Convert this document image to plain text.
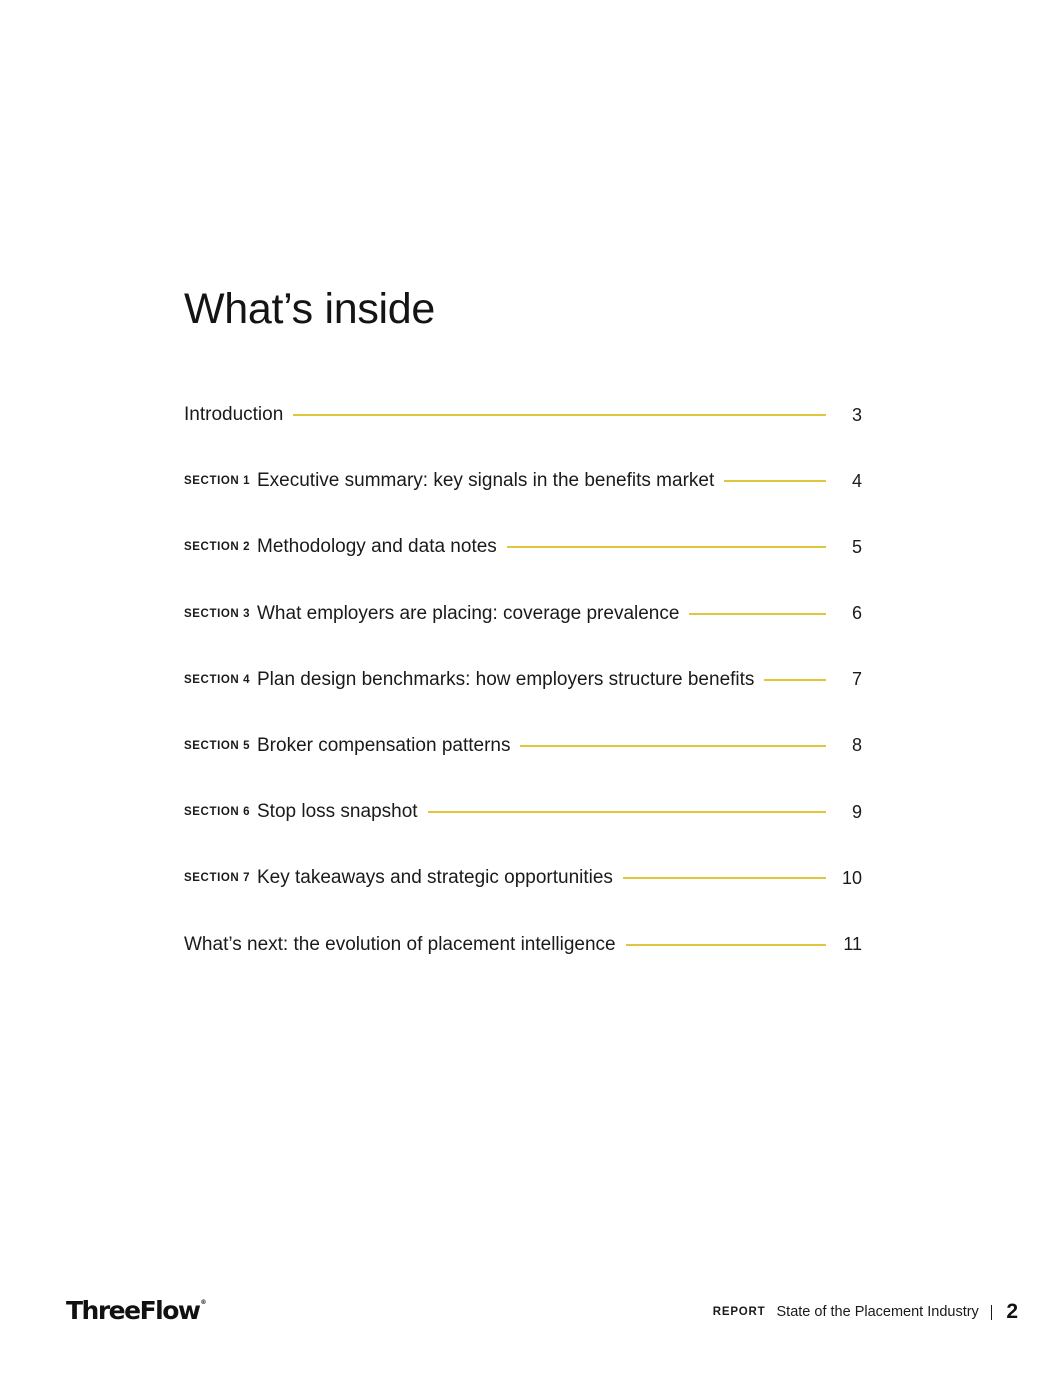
What’s inside
Introduction	3
SECTION 1 Executive summary: key signals in the benefits market	4
SECTION 2 Methodology and data notes	5
SECTION 3 What employers are placing: coverage prevalence	6
SECTION 4 Plan design benchmarks: how employers structure benefits	7
SECTION 5 Broker compensation patterns	8
SECTION 6 Stop loss snapshot	9
SECTION 7 Key takeaways and strategic opportunities	10
What’s next: the evolution of placement intelligence	11
ThreeFlow®
REPORT State of the Placement Industry 2
